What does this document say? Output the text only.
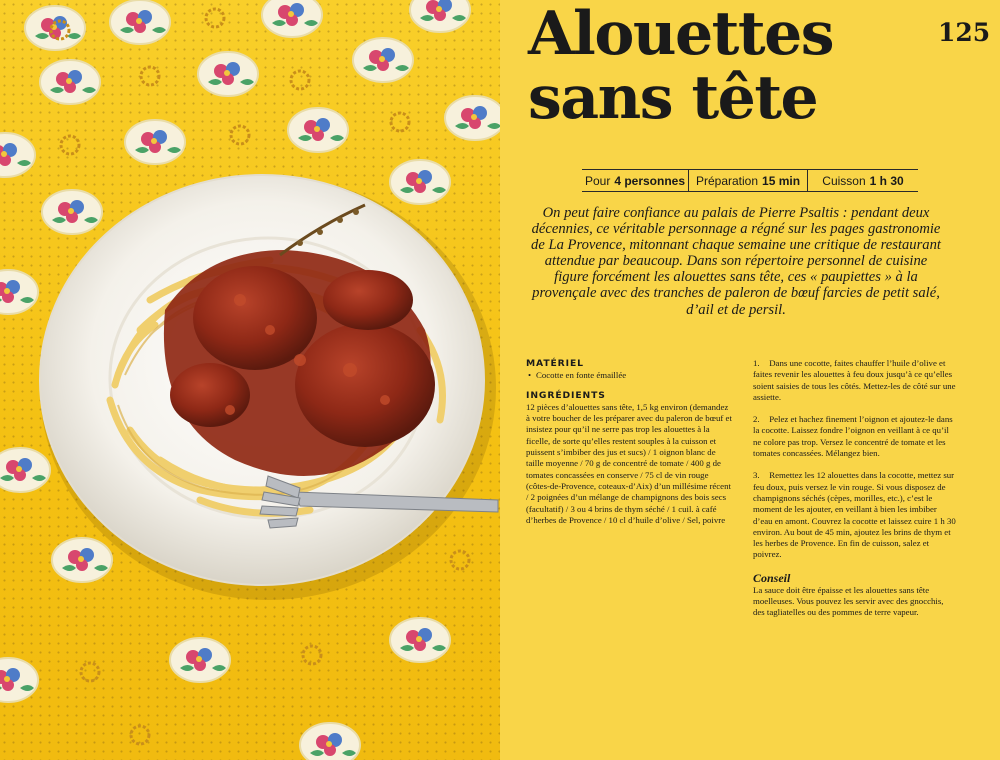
125
Alouettes
sans tête
Pour 4 personnes Préparation 15 min Cuisson 1 h 30

On peut faire confiance au palais de Pierre Psaltis : pendant deux décennies, ce véritable personnage a régné sur les pages gastronomie de La Provence, mitonnant chaque semaine une critique de restaurant attendue par beaucoup. Dans son répertoire personnel de cuisine figure forcément les alouettes sans tête, ces « paupiettes » à la provençale avec des tranches de paleron de bœuf farcies de petit salé, d’ail et de persil.

MATÉRIEL
• Cocotte en fonte émaillée
INGRÉDIENTS

12 pièces d’alouettes sans tête, 1,5 kg environ (demandez à votre boucher de les préparer avec du paleron de bœuf et insistez pour qu’il ne serre pas trop les alouettes à la ficelle, de sorte qu’elles restent souples à la cuisson et puissent s’imbiber des jus et sucs) / 1 oignon blanc de taille moyenne / 70 g de concentré de tomate / 400 g de tomates concassées en conserve / 75 cl de vin rouge (côtes-de-Provence, coteaux-d’Aix) d’un millésime récent / 2 poignées d’un mélange de champignons des bois secs (facultatif) / 3 ou 4 brins de thym séché / 1 cuil. à café d’herbes de Provence / 10 cl d’huile d’olive / Sel, poivre

1. Dans une cocotte, faites chauffer l’huile d’olive et faites revenir les alouettes à feu doux jusqu’à ce qu’elles soient saisies de tous les côtés. Mettez-les de côté sur une assiette.

2. Pelez et hachez finement l’oignon et ajoutez-le dans la cocotte. Laissez fondre l’oignon en veillant à ce qu’il ne colore pas trop. Versez le concentré de tomate et les tomates concassées. Mélangez bien.

3. Remettez les 12 alouettes dans la cocotte, mettez sur feu doux, puis versez le vin rouge. Si vous disposez de champignons séchés (cèpes, morilles, etc.), c’est le moment de les ajouter, en veillant à bien les imbiber d’eau en amont. Couvrez la cocotte et laissez cuire 1 h 30 environ. Au bout de 45 min, ajoutez les brins de thym et les herbes de Provence. En fin de cuisson, salez et poivrez.

Conseil

La sauce doit être épaisse et les alouettes sans tête moelleuses. Vous pouvez les servir avec des gnocchis, des tagliatelles ou des pommes de terre vapeur.
